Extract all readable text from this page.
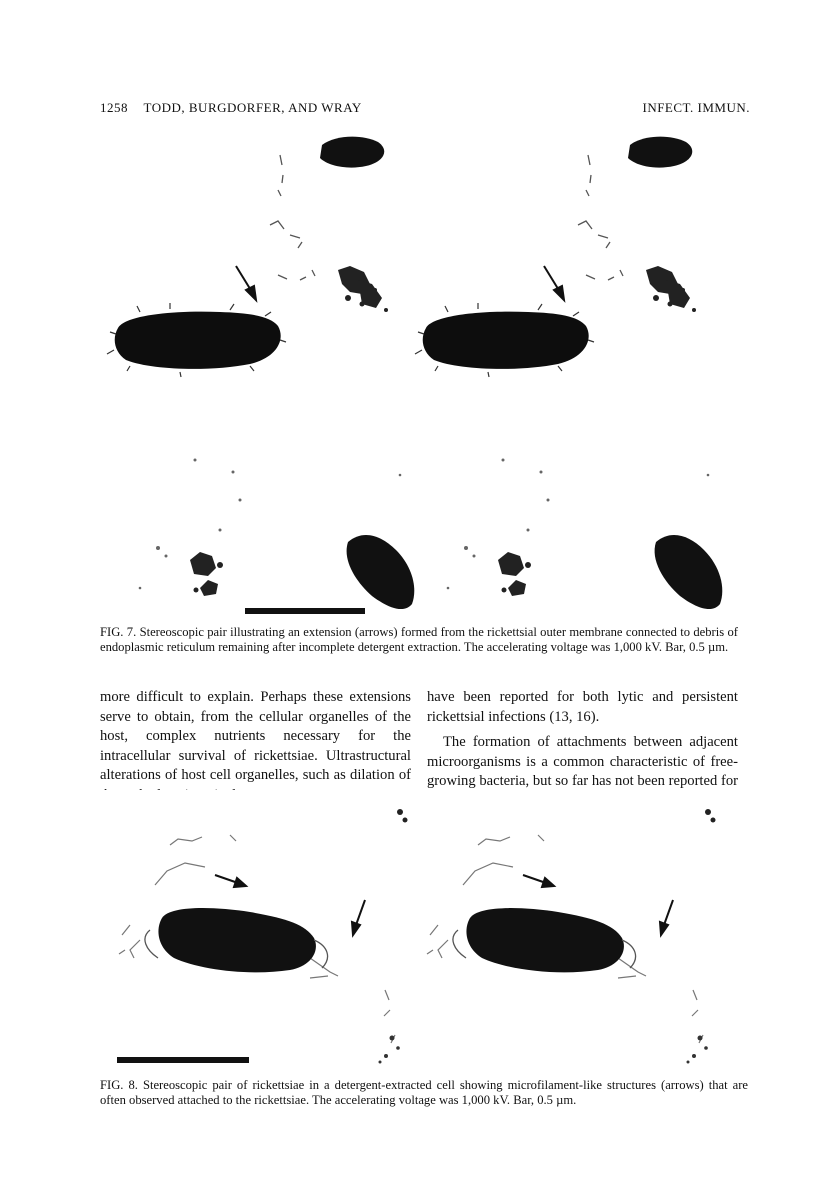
1258 TODD, BURGDORFER, AND WRAY	INFECT. IMMUN.
FIG. 7. Stereoscopic pair illustrating an extension (arrows) formed from the rickettsial outer membrane connected to debris of endoplasmic reticulum remaining after incomplete detergent extraction. The accelerating voltage was 1,000 kV. Bar, 0.5 µm.
more difficult to explain. Perhaps these extensions serve to obtain, from the cellular organelles of the host, complex nutrients necessary for the intracellular survival of rickettsiae. Ultrastructural alterations of host cell organelles, such as dilation of
have been reported for both lytic and persistent rickettsial infections (13, 16).
The formation of attachments between adjacent microorganisms is a common characteristic of free-growing bacteria, but so far has not been reported for
FIG. 8. Stereoscopic pair of rickettsiae in a detergent-extracted cell showing microfilament-like structures (arrows) that are often observed attached to the rickettsiae. The accelerating voltage was 1,000 kV. Bar, 0.5 µm.
